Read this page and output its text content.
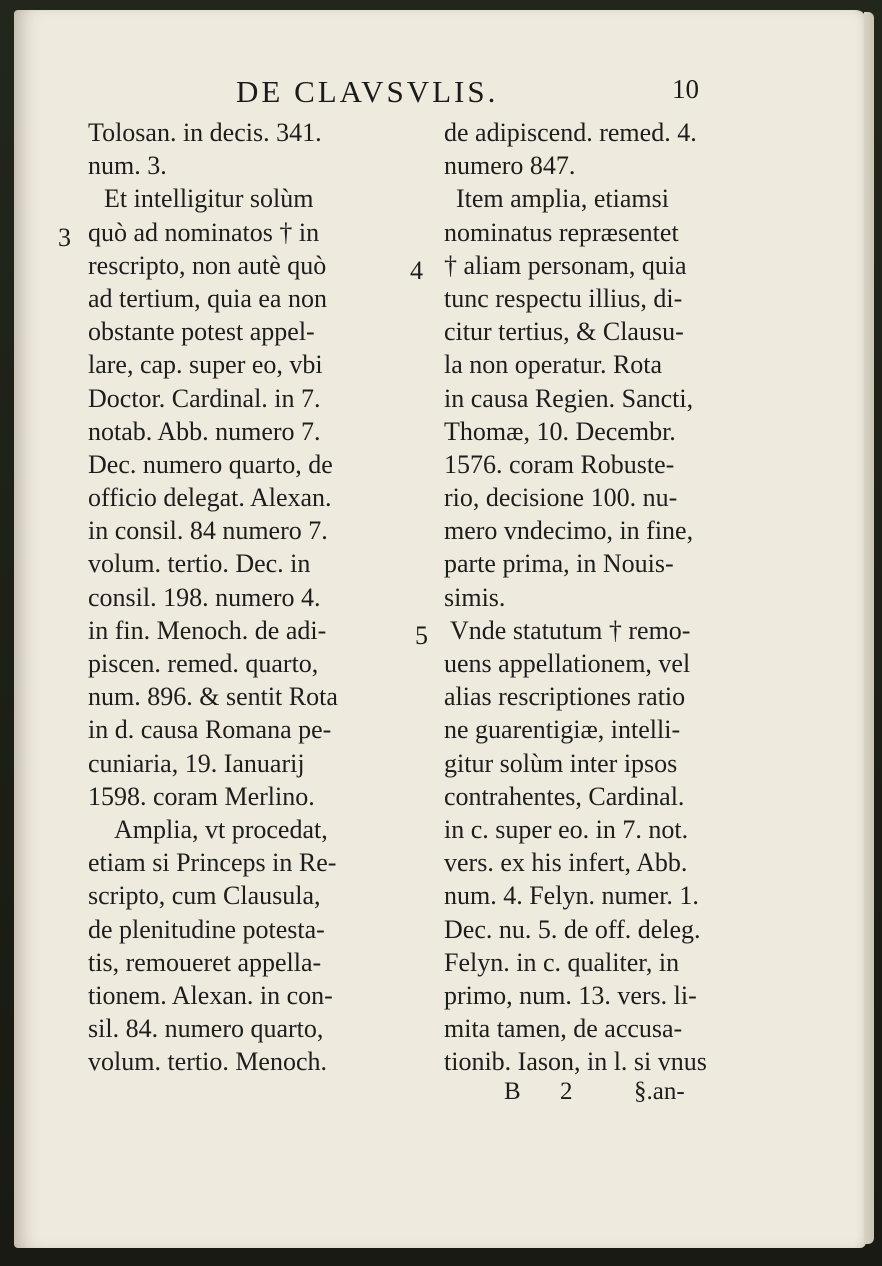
DE CLAVSVLIS.	10
3
4
5
Tolosan. in decis. 341.
num. 3.
Et intelligitur solùm
quò ad nominatos † in
rescripto, non autè quò
ad tertium, quia ea non
obstante potest appel-
lare, cap. super eo, vbi
Doctor. Cardinal. in 7.
notab. Abb. numero 7.
Dec. numero quarto, de
officio delegat. Alexan.
in consil. 84 numero 7.
volum. tertio. Dec. in
consil. 198. numero 4.
in fin. Menoch. de adi-
piscen. remed. quarto,
num. 896. & sentit Rota
in d. causa Romana pe-
cuniaria, 19. Ianuarij
1598. coram Merlino.
Amplia, vt procedat,
etiam si Princeps in Re-
scripto, cum Clausula,
de plenitudine potesta-
tis, remoueret appella-
tionem. Alexan. in con-
sil. 84. numero quarto,
volum. tertio. Menoch.
de adipiscend. remed. 4.
numero 847.
Item amplia, etiamsi
nominatus repræsentet
† aliam personam, quia
tunc respectu illius, di-
citur tertius, & Clausu-
la non operatur. Rota
in causa Regien. Sancti,
Thomæ, 10. Decembr.
1576. coram Robuste-
rio, decisione 100. nu-
mero vndecimo, in fine,
parte prima, in Nouis-
simis.
Vnde statutum † remo-
uens appellationem, vel
alias rescriptiones ratio
ne guarentigiæ, intelli-
gitur solùm inter ipsos
contrahentes, Cardinal.
in c. super eo. in 7. not.
vers. ex his infert, Abb.
num. 4. Felyn. numer. 1.
Dec. nu. 5. de off. deleg.
Felyn. in c. qualiter, in
primo, num. 13. vers. li-
mita tamen, de accusa-
tionib. Iason, in l. si vnus
B 2 §.an-
